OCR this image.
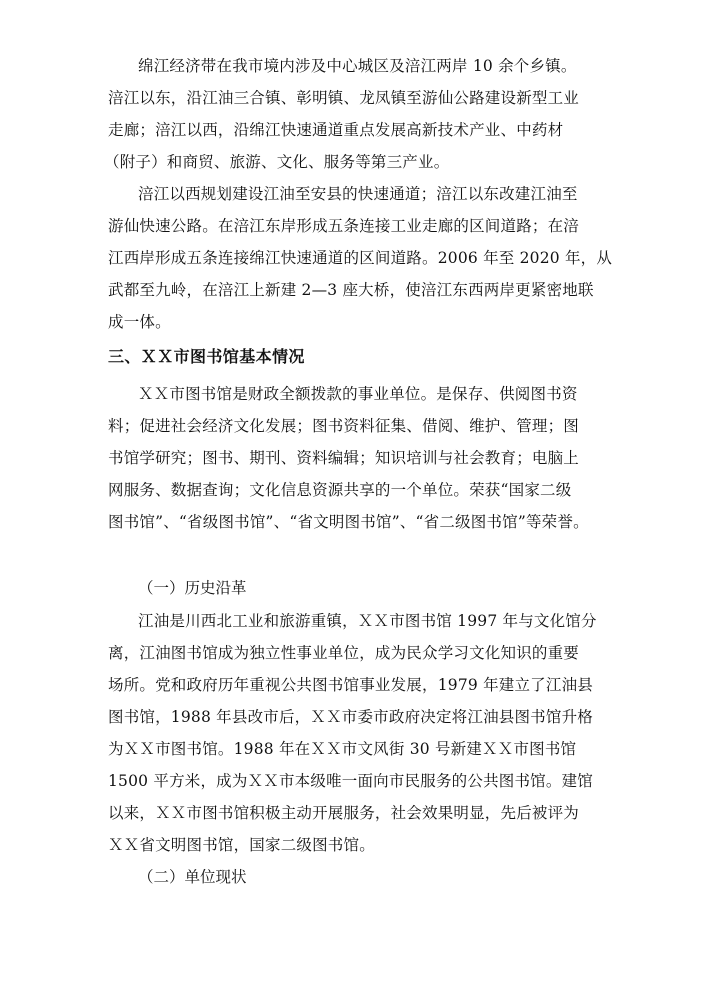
绵江经济带在我市境内涉及中心城区及涪江两岸 10 余个乡镇。
涪江以东，沿江油三合镇、彰明镇、龙凤镇至游仙公路建设新型工业
走廊；涪江以西，沿绵江快速通道重点发展高新技术产业、中药材
（附子）和商贸、旅游、文化、服务等第三产业。
涪江以西规划建设江油至安县的快速通道；涪江以东改建江油至
游仙快速公路。在涪江东岸形成五条连接工业走廊的区间道路；在涪
江西岸形成五条连接绵江快速通道的区间道路。2006 年至 2020 年，从
武都至九岭，在涪江上新建 2—3 座大桥，使涪江东西两岸更紧密地联
成一体。
三、ＸＸ市图书馆基本情况
ＸＸ市图书馆是财政全额拨款的事业单位。是保存、供阅图书资
料；促进社会经济文化发展；图书资料征集、借阅、维护、管理；图
书馆学研究；图书、期刊、资料编辑；知识培训与社会教育；电脑上
网服务、数据查询；文化信息资源共享的一个单位。荣获“国家二级
图书馆”、“省级图书馆”、“省文明图书馆”、“省二级图书馆”等荣誉。
（一）历史沿革
江油是川西北工业和旅游重镇，ＸＸ市图书馆 1997 年与文化馆分
离，江油图书馆成为独立性事业单位，成为民众学习文化知识的重要
场所。党和政府历年重视公共图书馆事业发展，1979 年建立了江油县
图书馆，1988 年县改市后，ＸＸ市委市政府决定将江油县图书馆升格
为ＸＸ市图书馆。1988 年在ＸＸ市文风街 30 号新建ＸＸ市图书馆
1500 平方米，成为ＸＸ市本级唯一面向市民服务的公共图书馆。建馆
以来，ＸＸ市图书馆积极主动开展服务，社会效果明显，先后被评为
ＸＸ省文明图书馆，国家二级图书馆。
（二）单位现状
